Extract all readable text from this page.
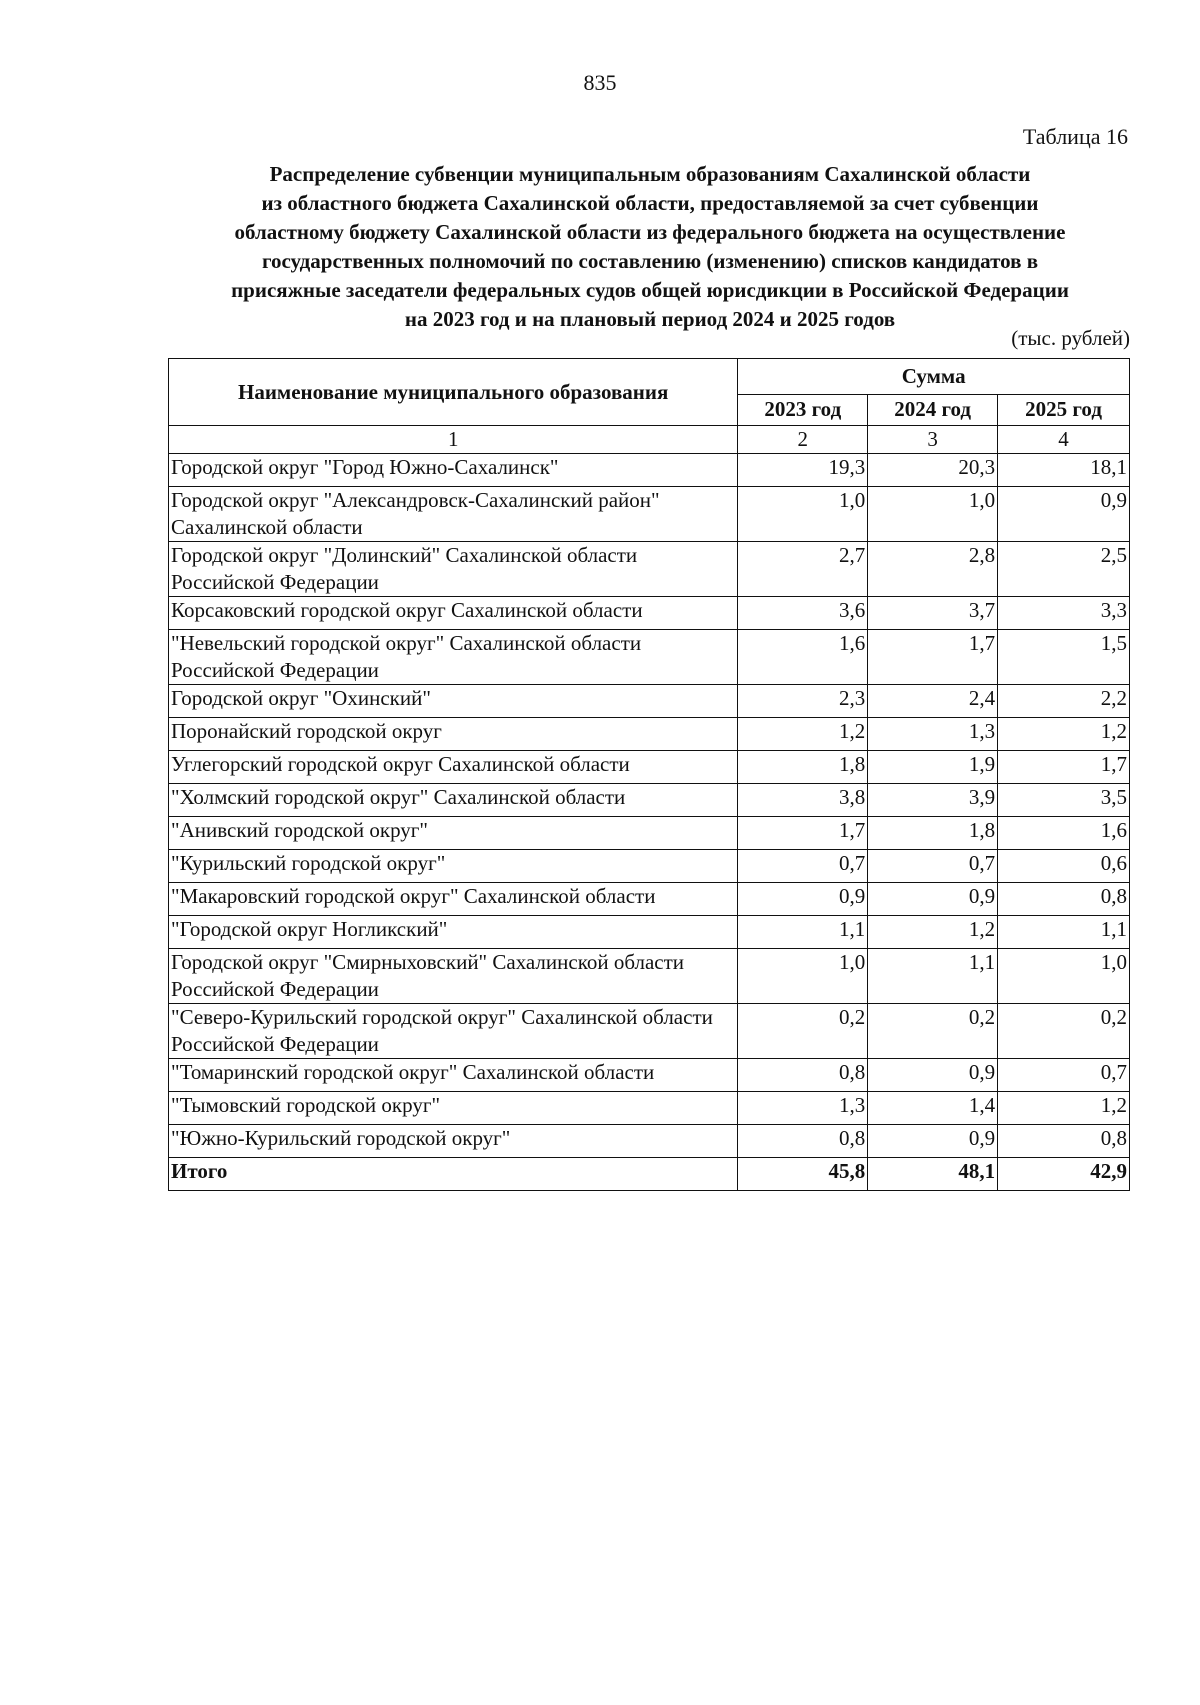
835
Таблица 16
Распределение субвенции муниципальным образованиям Сахалинской области
из областного бюджета Сахалинской области, предоставляемой за счет субвенции
областному бюджету Сахалинской области из федерального бюджета на осуществление
государственных полномочий по составлению (изменению) списков кандидатов в
присяжные заседатели федеральных судов общей юрисдикции в Российской Федерации
на 2023 год и на плановый период 2024 и 2025 годов
(тыс. рублей)
Наименование муниципального образования	Сумма		
	2023 год	2024 год	2025 год
1	2	3	4
Городской округ "Город Южно-Сахалинск"	19,3	20,3	18,1
Городской округ "Александровск-Сахалинский район" Сахалинской области	1,0	1,0	0,9
Городской округ "Долинский" Сахалинской области Российской Федерации	2,7	2,8	2,5
Корсаковский городской округ Сахалинской области	3,6	3,7	3,3
"Невельский городской округ" Сахалинской области Российской Федерации	1,6	1,7	1,5
Городской округ "Охинский"	2,3	2,4	2,2
Поронайский городской округ	1,2	1,3	1,2
Углегорский городской округ Сахалинской области	1,8	1,9	1,7
"Холмский городской округ" Сахалинской области	3,8	3,9	3,5
"Анивский городской округ"	1,7	1,8	1,6
"Курильский городской округ"	0,7	0,7	0,6
"Макаровский городской округ" Сахалинской области	0,9	0,9	0,8
"Городской округ Ногликский"	1,1	1,2	1,1
Городской округ "Смирныховский" Сахалинской области Российской Федерации	1,0	1,1	1,0
"Северо-Курильский городской округ" Сахалинской области Российской Федерации	0,2	0,2	0,2
"Томаринский городской округ" Сахалинской области	0,8	0,9	0,7
"Тымовский городской округ"	1,3	1,4	1,2
"Южно-Курильский городской округ"	0,8	0,9	0,8
Итого	45,8	48,1	42,9
